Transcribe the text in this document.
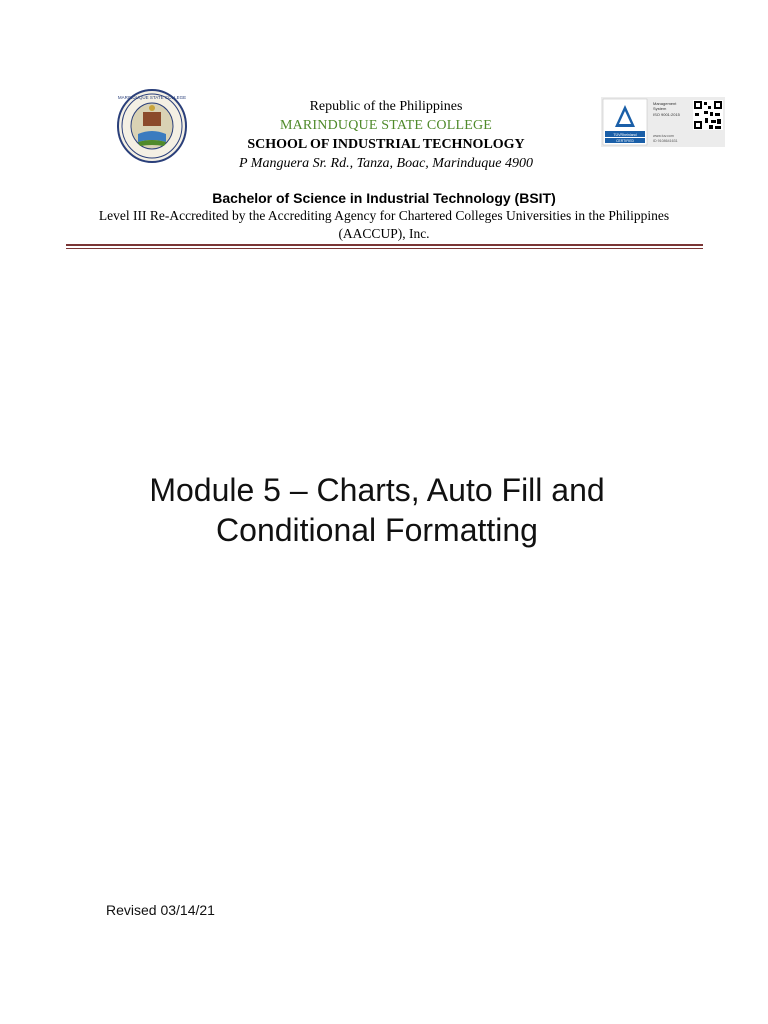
MARINDUQUE STATE COLLEGE
Republic of the Philippines
MARINDUQUE STATE COLLEGE
SCHOOL OF INDUSTRIAL TECHNOLOGY
P Manguera Sr. Rd., Tanza, Boac, Marinduque 4900
TÜVRheinland
CERTIFIED
Management
System
ISO 9001:2015
www.tuv.com
ID 9108641631
Bachelor of Science in Industrial Technology (BSIT)
Level III Re-Accredited by the Accrediting Agency for Chartered Colleges Universities in the Philippines (AACCUP), Inc.
Module 5 – Charts, Auto Fill and Conditional Formatting
Revised 03/14/21
